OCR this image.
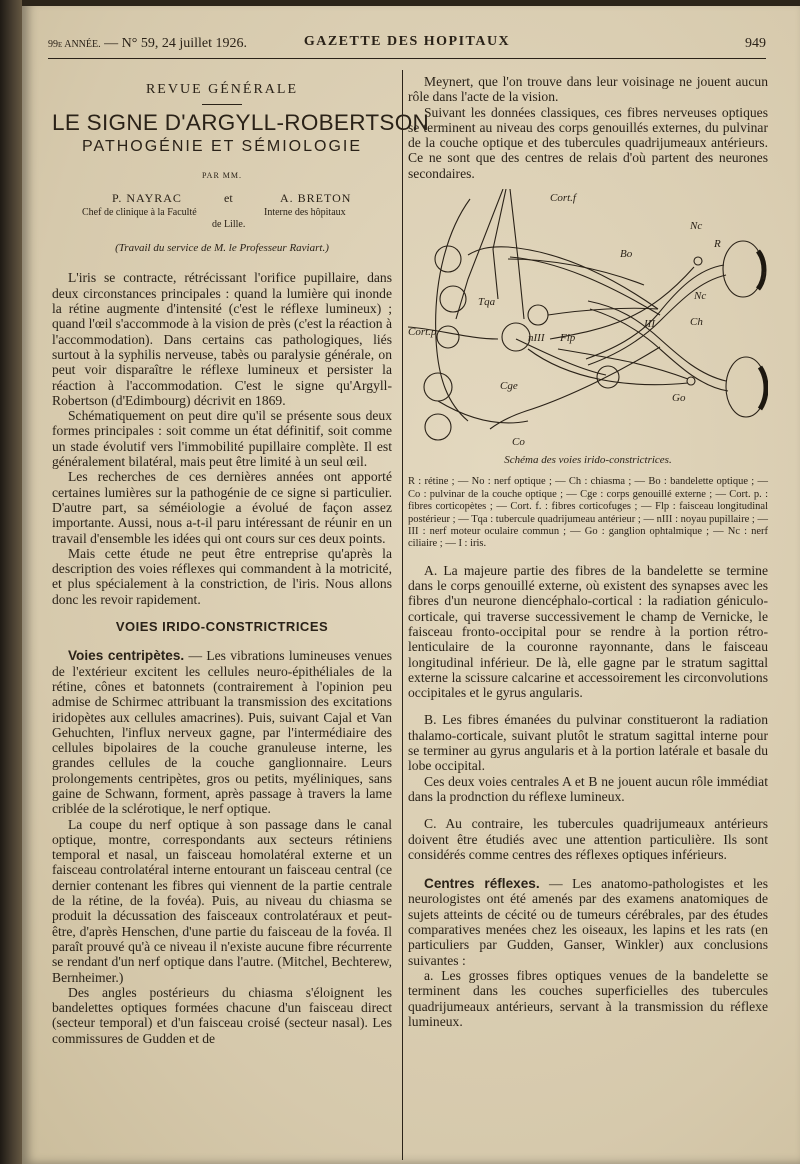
99e ANNÉE. — N° 59, 24 juillet 1926.	GAZETTE DES HOPITAUX	949
REVUE GÉNÉRALE
LE SIGNE D'ARGYLL-ROBERTSON
PATHOGÉNIE ET SÉMIOLOGIE
PAR MM.
P. NAYRAC	et	A. BRETON
Chef de clinique à la Faculté	Interne des hôpitaux
de Lille.
(Travail du service de M. le Professeur Raviart.)

L'iris se contracte, rétrécissant l'orifice pupillaire, dans deux circonstances principales : quand la lumière qui inonde la rétine augmente d'intensité (c'est le réflexe lumineux) ; quand l'œil s'accommode à la vision de près (c'est la réaction à l'accommodation). Dans certains cas pathologiques, liés surtout à la syphilis nerveuse, tabès ou paralysie générale, on peut voir disparaître le réflexe lumineux et persister la réaction à l'accommodation. C'est le signe qu'Argyll-Robertson (d'Edimbourg) décrivit en 1869.

Schématiquement on peut dire qu'il se présente sous deux formes principales : soit comme un état définitif, soit comme un stade évolutif vers l'immobilité pupillaire complète. Il est généralement bilatéral, mais peut être limité à un seul œil.

Les recherches de ces dernières années ont apporté certaines lumières sur la pathogénie de ce signe si particulier. D'autre part, sa séméiologie a évolué de façon assez importante. Aussi, nous a-t-il paru intéressant de réunir en un travail d'ensemble les idées qui ont cours sur ces deux points.

Mais cette étude ne peut être entreprise qu'après la description des voies réflexes qui commandent à la motricité, et plus spécialement à la constriction, de l'iris. Nous allons donc les revoir rapidement.

VOIES IRIDO-CONSTRICTRICES

Voies centripètes. — Les vibrations lumineuses venues de l'extérieur excitent les cellules neuro-épithéliales de la rétine, cônes et batonnets (contrairement à l'opinion peu admise de Schirmec attribuant la transmission des excitations iridopètes aux cellules amacrines). Puis, suivant Cajal et Van Gehuchten, l'influx nerveux gagne, par l'intermédiaire des cellules bipolaires de la couche granuleuse interne, les grandes cellules de la couche ganglionnaire. Leurs prolongements centripètes, gros ou petits, myéliniques, sans gaine de Schwann, forment, après passage à travers la lame criblée de la sclérotique, le nerf optique.

La coupe du nerf optique à son passage dans le canal optique, montre, correspondants aux secteurs rétiniens temporal et nasal, un faisceau homolatéral externe et un faisceau controlatéral interne entourant un faisceau central (ce dernier contenant les fibres qui viennent de la partie centrale de la rétine, de la fovéa). Puis, au niveau du chiasma se produit la décussation des faisceaux controlatéraux et peut-être, d'après Henschen, d'une partie du faisceau de la fovéa. Il paraît prouvé qu'à ce niveau il n'existe aucune fibre récurrente se rendant d'un nerf optique dans l'autre. (Mitchel, Bechterew, Bernheimer.)

Des angles postérieurs du chiasma s'éloignent les bandelettes optiques formées chacune d'un faisceau direct (secteur temporal) et d'un faisceau croisé (secteur nasal). Les commissures de Gudden et de

Meynert, que l'on trouve dans leur voisinage ne jouent aucun rôle dans l'acte de la vision.

Suivant les données classiques, ces fibres nerveuses optiques se terminent au niveau des corps genouillés externes, du pulvinar de la couche optique et des tubercules quadrijumeaux antérieurs. Ce ne sont que des centres de relais d'où partent des neurones secondaires.

Cort.f
Nc
R
Bo
I
Nc
Tqa
Ch
Cort.p	nIII Flp
III
Cge
Go
Co
Schéma des voies irido-constrictrices.
R : rétine ; — No : nerf optique ; — Ch : chiasma ; — Bo : bandelette optique ; — Co : pulvinar de la couche optique ; — Cge : corps genouillé externe ; — Cort. p. : fibres corticopètes ; — Cort. f. : fibres corticofuges ; — Flp : faisceau longitudinal postérieur ; — Tqa : tubercule quadrijumeau antérieur ; — nIII : noyau pupillaire ; — III : nerf moteur oculaire commun ; — Go : ganglion ophtalmique ; — Nc : nerf ciliaire ; — I : iris.

A. La majeure partie des fibres de la bandelette se termine dans le corps genouillé externe, où existent des synapses avec les fibres d'un neurone diencéphalo-cortical : la radiation géniculo-corticale, qui traverse successivement le champ de Vernicke, le faisceau fronto-occipital pour se rendre à la portion rétro-lenticulaire de la couronne rayonnante, dans le faisceau longitudinal inférieur. De là, elle gagne par le stratum sagittal externe la scissure calcarine et accessoirement les circonvolutions occipitales et le gyrus angularis.

B. Les fibres émanées du pulvinar constitueront la radiation thalamo-corticale, suivant plutôt le stratum sagittal interne pour se terminer au gyrus angularis et à la portion latérale et basale du lobe occipital.

Ces deux voies centrales A et B ne jouent aucun rôle immédiat dans la prodnction du réflexe lumineux.

C. Au contraire, les tubercules quadrijumeaux antérieurs doivent être étudiés avec une attention particulière. Ils sont considérés comme centres des réflexes optiques inférieurs.

Centres réflexes. — Les anatomo-pathologistes et les neurologistes ont été amenés par des examens anatomiques de sujets atteints de cécité ou de tumeurs cérébrales, par des études comparatives menées chez les oiseaux, les lapins et les rats (en particuliers par Gudden, Ganser, Winkler) aux conclusions suivantes :

a. Les grosses fibres optiques venues de la bandelette se terminent dans les couches superficielles des tubercules quadrijumeaux antérieurs, servant à la transmission du réflexe lumineux.
